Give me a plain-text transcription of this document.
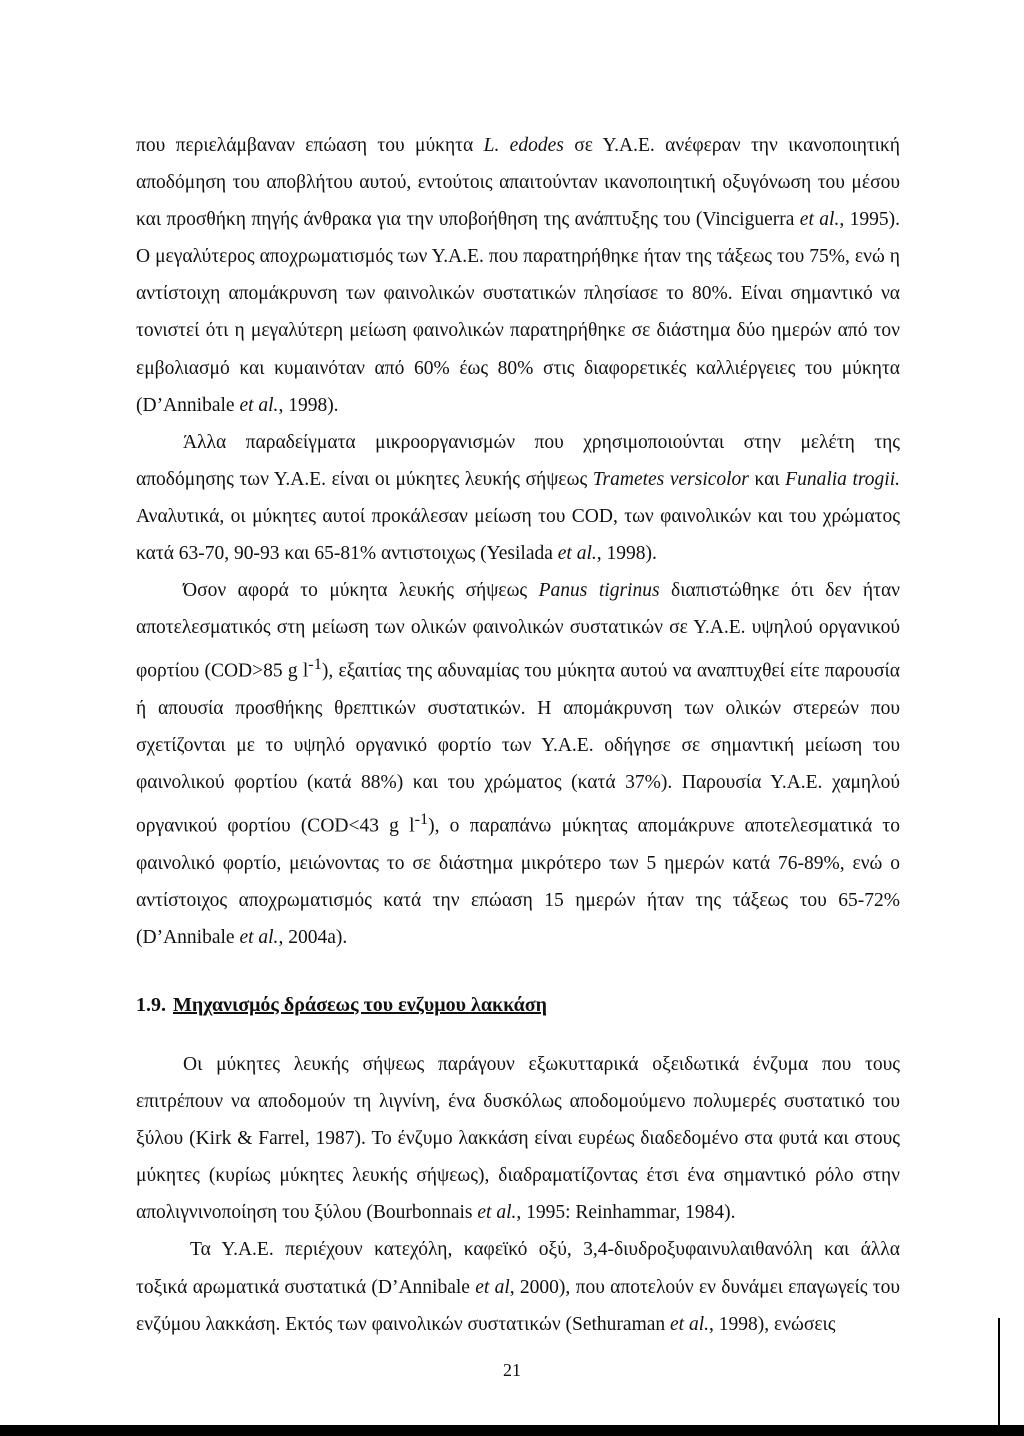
που περιελάμβαναν επώαση του μύκητα L. edodes σε Υ.Α.Ε. ανέφεραν την ικανοποιητική αποδόμηση του αποβλήτου αυτού, εντούτοις απαιτούνταν ικανοποιητική οξυγόνωση του μέσου και προσθήκη πηγής άνθρακα για την υποβοήθηση της ανάπτυξης του (Vinciguerra et al., 1995). Ο μεγαλύτερος αποχρωματισμός των Υ.Α.Ε. που παρατηρήθηκε ήταν της τάξεως του 75%, ενώ η αντίστοιχη απομάκρυνση των φαινολικών συστατικών πλησίασε το 80%. Είναι σημαντικό να τονιστεί ότι η μεγαλύτερη μείωση φαινολικών παρατηρήθηκε σε διάστημα δύο ημερών από τον εμβολιασμό και κυμαινόταν από 60% έως 80% στις διαφορετικές καλλιέργειες του μύκητα (D’Annibale et al., 1998).

Άλλα παραδείγματα μικροοργανισμών που χρησιμοποιούνται στην μελέτη της αποδόμησης των Υ.Α.Ε. είναι οι μύκητες λευκής σήψεως Trametes versicolor και Funalia trogii. Αναλυτικά, οι μύκητες αυτοί προκάλεσαν μείωση του COD, των φαινολικών και του χρώματος κατά 63-70, 90-93 και 65-81% αντιστοιχως (Yesilada et al., 1998).

Όσον αφορά το μύκητα λευκής σήψεως Panus tigrinus διαπιστώθηκε ότι δεν ήταν αποτελεσματικός στη μείωση των ολικών φαινολικών συστατικών σε Υ.Α.Ε. υψηλού οργανικού φορτίου (COD>85 g $l^{-1}$), εξαιτίας της αδυναμίας του μύκητα αυτού να αναπτυχθεί είτε παρουσία ή απουσία προσθήκης θρεπτικών συστατικών. Η απομάκρυνση των ολικών στερεών που σχετίζονται με το υψηλό οργανικό φορτίο των Υ.Α.Ε. οδήγησε σε σημαντική μείωση του φαινολικού φορτίου (κατά 88%) και του χρώματος (κατά 37%). Παρουσία Υ.Α.Ε. χαμηλού οργανικού φορτίου (COD<43 g $l^{-1}$), ο παραπάνω μύκητας απομάκρυνε αποτελεσματικά το φαινολικό φορτίο, μειώνοντας το σε διάστημα μικρότερο των 5 ημερών κατά 76-89%, ενώ ο αντίστοιχος αποχρωματισμός κατά την επώαση 15 ημερών ήταν της τάξεως του 65-72% (D’Annibale et al., 2004a).

1.9. Μηχανισμός δράσεως του ενζυμου λακκάση

Οι μύκητες λευκής σήψεως παράγουν εξωκυτταρικά οξειδωτικά ένζυμα που τους επιτρέπουν να αποδομούν τη λιγνίνη, ένα δυσκόλως αποδομούμενο πολυμερές συστατικό του ξύλου (Kirk & Farrel, 1987). Το ένζυμο λακκάση είναι ευρέως διαδεδομένο στα φυτά και στους μύκητες (κυρίως μύκητες λευκής σήψεως), διαδραματίζοντας έτσι ένα σημαντικό ρόλο στην απολιγνινοποίηση του ξύλου (Bourbonnais et al., 1995: Reinhammar, 1984).

Τα Υ.Α.Ε. περιέχουν κατεχόλη, καφεϊκό οξύ, 3,4-διυδροξυφαινυλαιθανόλη και άλλα τοξικά αρωματικά συστατικά (D’Annibale et al, 2000), που αποτελούν εν δυνάμει επαγωγείς του ενζύμου λακκάση. Εκτός των φαινολικών συστατικών (Sethuraman et al., 1998), ενώσεις

21
